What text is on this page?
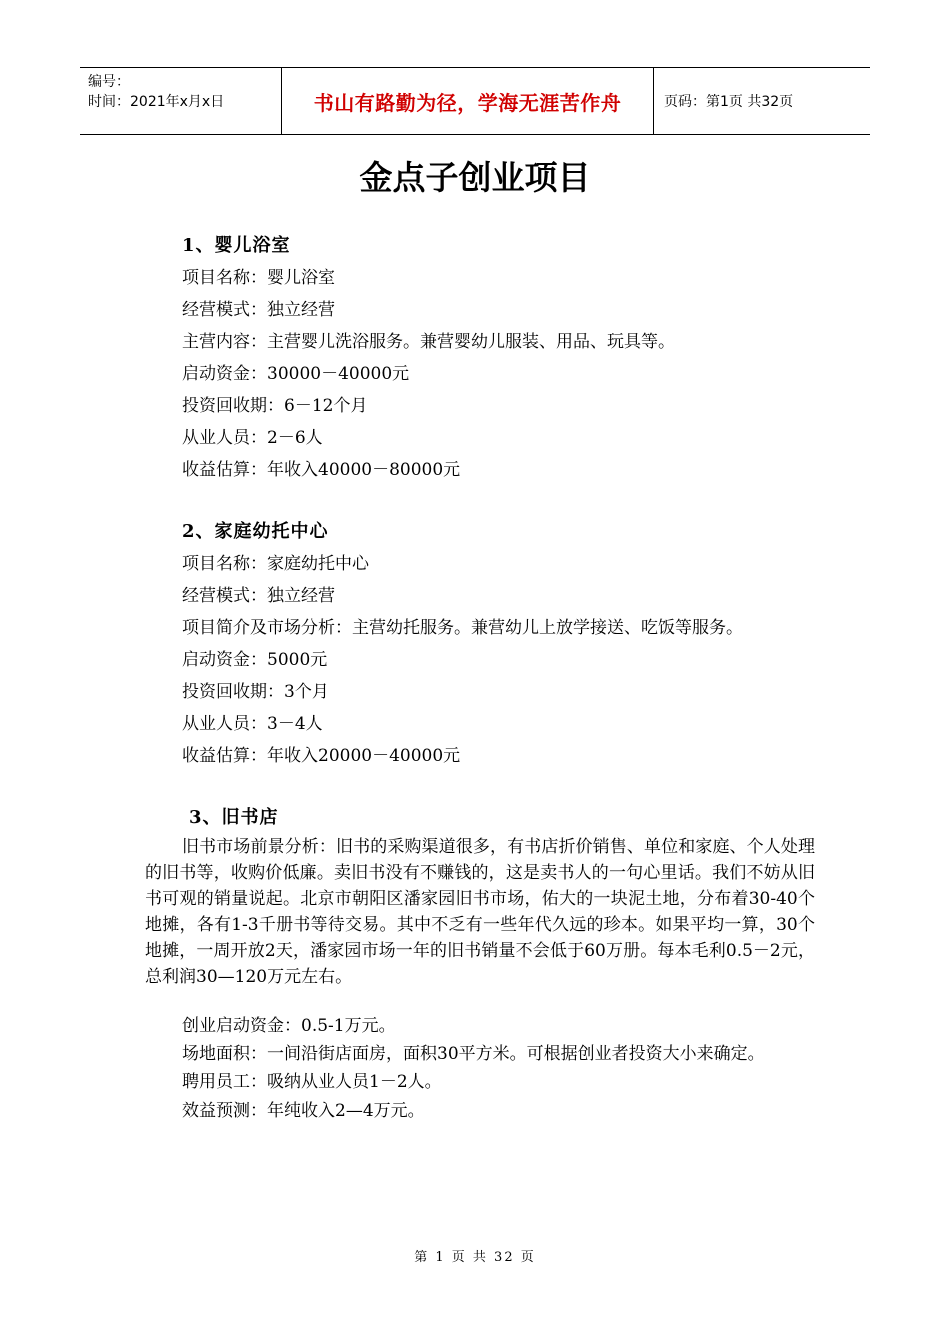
编号：
时间：2021年x月x日	书山有路勤为径，学海无涯苦作舟	页码：第1页 共32页
金点子创业项目
1、婴儿浴室
项目名称：婴儿浴室
经营模式：独立经营
主营内容：主营婴儿洗浴服务。兼营婴幼儿服装、用品、玩具等。
启动资金：30000－40000元
投资回收期：6－12个月
从业人员：2－6人
收益估算：年收入40000－80000元
2、家庭幼托中心
项目名称：家庭幼托中心
经营模式：独立经营
项目简介及市场分析：主营幼托服务。兼营幼儿上放学接送、吃饭等服务。
启动资金：5000元
投资回收期：3个月
从业人员：3－4人
收益估算：年收入20000－40000元
3、旧书店

旧书市场前景分析：旧书的采购渠道很多，有书店折价销售、单位和家庭、个人处理的旧书等，收购价低廉。卖旧书没有不赚钱的，这是卖书人的一句心里话。我们不妨从旧书可观的销量说起。北京市朝阳区潘家园旧书市场，佑大的一块泥土地，分布着30-40个地摊，各有1-3千册书等待交易。其中不乏有一些年代久远的珍本。如果平均一算，30个地摊，一周开放2天，潘家园市场一年的旧书销量不会低于60万册。每本毛利0.5－2元，总利润30—120万元左右。

创业启动资金：0.5-1万元。
场地面积：一间沿街店面房，面积30平方米。可根据创业者投资大小来确定。
聘用员工：吸纳从业人员1－2人。
效益预测：年纯收入2—4万元。
第 1 页 共 32 页
